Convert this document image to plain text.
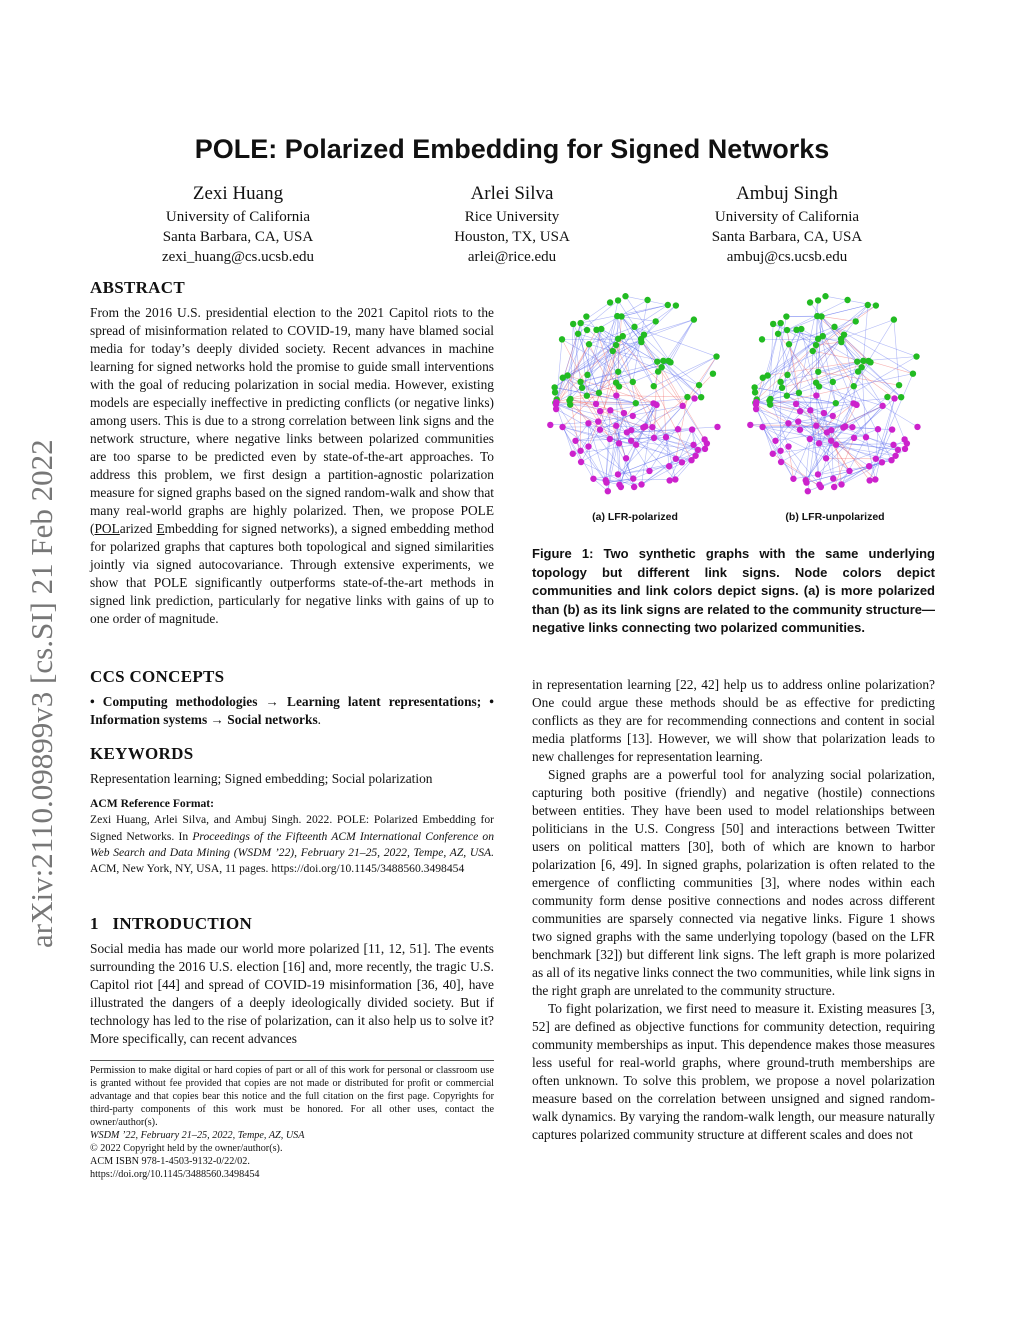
arXiv:2110.09899v3 [cs.SI] 21 Feb 2022
POLE: Polarized Embedding for Signed Networks
Zexi Huang
University of California
Santa Barbara, CA, USA
zexi_huang@cs.ucsb.edu
Arlei Silva
Rice University
Houston, TX, USA
arlei@rice.edu
Ambuj Singh
University of California
Santa Barbara, CA, USA
ambuj@cs.ucsb.edu
ABSTRACT
From the 2016 U.S. presidential election to the 2021 Capitol riots to the spread of misinformation related to COVID-19, many have blamed social media for today’s deeply divided society. Recent advances in machine learning for signed networks hold the promise to guide small interventions with the goal of reducing polarization in social media. However, existing models are especially ineffective in predicting conflicts (or negative links) among users. This is due to a strong correlation between link signs and the network structure, where negative links between polarized communities are too sparse to be predicted even by state-of-the-art approaches. To address this problem, we first design a partition-agnostic polarization measure for signed graphs based on the signed random-walk and show that many real-world graphs are highly polarized. Then, we propose POLE (POLarized Embedding for signed networks), a signed embedding method for polarized graphs that captures both topological and signed similarities jointly via signed autocovariance. Through extensive experiments, we show that POLE significantly outperforms state-of-the-art methods in signed link prediction, particularly for negative links with gains of up to one order of magnitude.
CCS CONCEPTS
• Computing methodologies → Learning latent representations; • Information systems → Social networks.
KEYWORDS
Representation learning; Signed embedding; Social polarization
ACM Reference Format:
Zexi Huang, Arlei Silva, and Ambuj Singh. 2022. POLE: Polarized Embedding for Signed Networks. In Proceedings of the Fifteenth ACM International Conference on Web Search and Data Mining (WSDM ’22), February 21–25, 2022, Tempe, AZ, USA. ACM, New York, NY, USA, 11 pages. https://doi.org/10.1145/3488560.3498454
1   INTRODUCTION
Social media has made our world more polarized [11, 12, 51]. The events surrounding the 2016 U.S. election [16] and, more recently, the tragic U.S. Capitol riot [44] and spread of COVID-19 misinformation [36, 40], have illustrated the dangers of a deeply ideologically divided society. But if technology has led to the rise of polarization, can it also help us to solve it? More specifically, can recent advances
Permission to make digital or hard copies of part or all of this work for personal or classroom use is granted without fee provided that copies are not made or distributed for profit or commercial advantage and that copies bear this notice and the full citation on the first page. Copyrights for third-party components of this work must be honored. For all other uses, contact the owner/author(s).
WSDM ’22, February 21–25, 2022, Tempe, AZ, USA
© 2022 Copyright held by the owner/author(s).
ACM ISBN 978-1-4503-9132-0/22/02.
https://doi.org/10.1145/3488560.3498454
(a) LFR-polarized	(b) LFR-unpolarized
Figure 1: Two synthetic graphs with the same underlying topology but different link signs. Node colors depict communities and link colors depict signs. (a) is more polarized than (b) as its link signs are related to the community structure—negative links connecting two polarized communities.

in representation learning [22, 42] help us to address online polarization? One could argue these methods should be as effective for predicting conflicts as they are for recommending connections and content in social media platforms [13]. However, we will show that polarization leads to new challenges for representation learning.

Signed graphs are a powerful tool for analyzing social polarization, capturing both positive (friendly) and negative (hostile) connections between entities. They have been used to model relationships between politicians in the U.S. Congress [50] and interactions between Twitter users on political matters [30], both of which are known to harbor polarization [6, 49]. In signed graphs, polarization is often related to the emergence of conflicting communities [3], where nodes within each community form dense positive connections and nodes across different communities are sparsely connected via negative links. Figure 1 shows two signed graphs with the same underlying topology (based on the LFR benchmark [32]) but different link signs. The left graph is more polarized as all of its negative links connect the two communities, while link signs in the right graph are unrelated to the community structure.

To fight polarization, we first need to measure it. Existing measures [3, 52] are defined as objective functions for community detection, requiring community memberships as input. This dependence makes those measures less useful for real-world graphs, where ground-truth memberships are often unknown. To solve this problem, we propose a novel polarization measure based on the correlation between unsigned and signed random-walk dynamics. By varying the random-walk length, our measure naturally captures polarized community structure at different scales and does not
